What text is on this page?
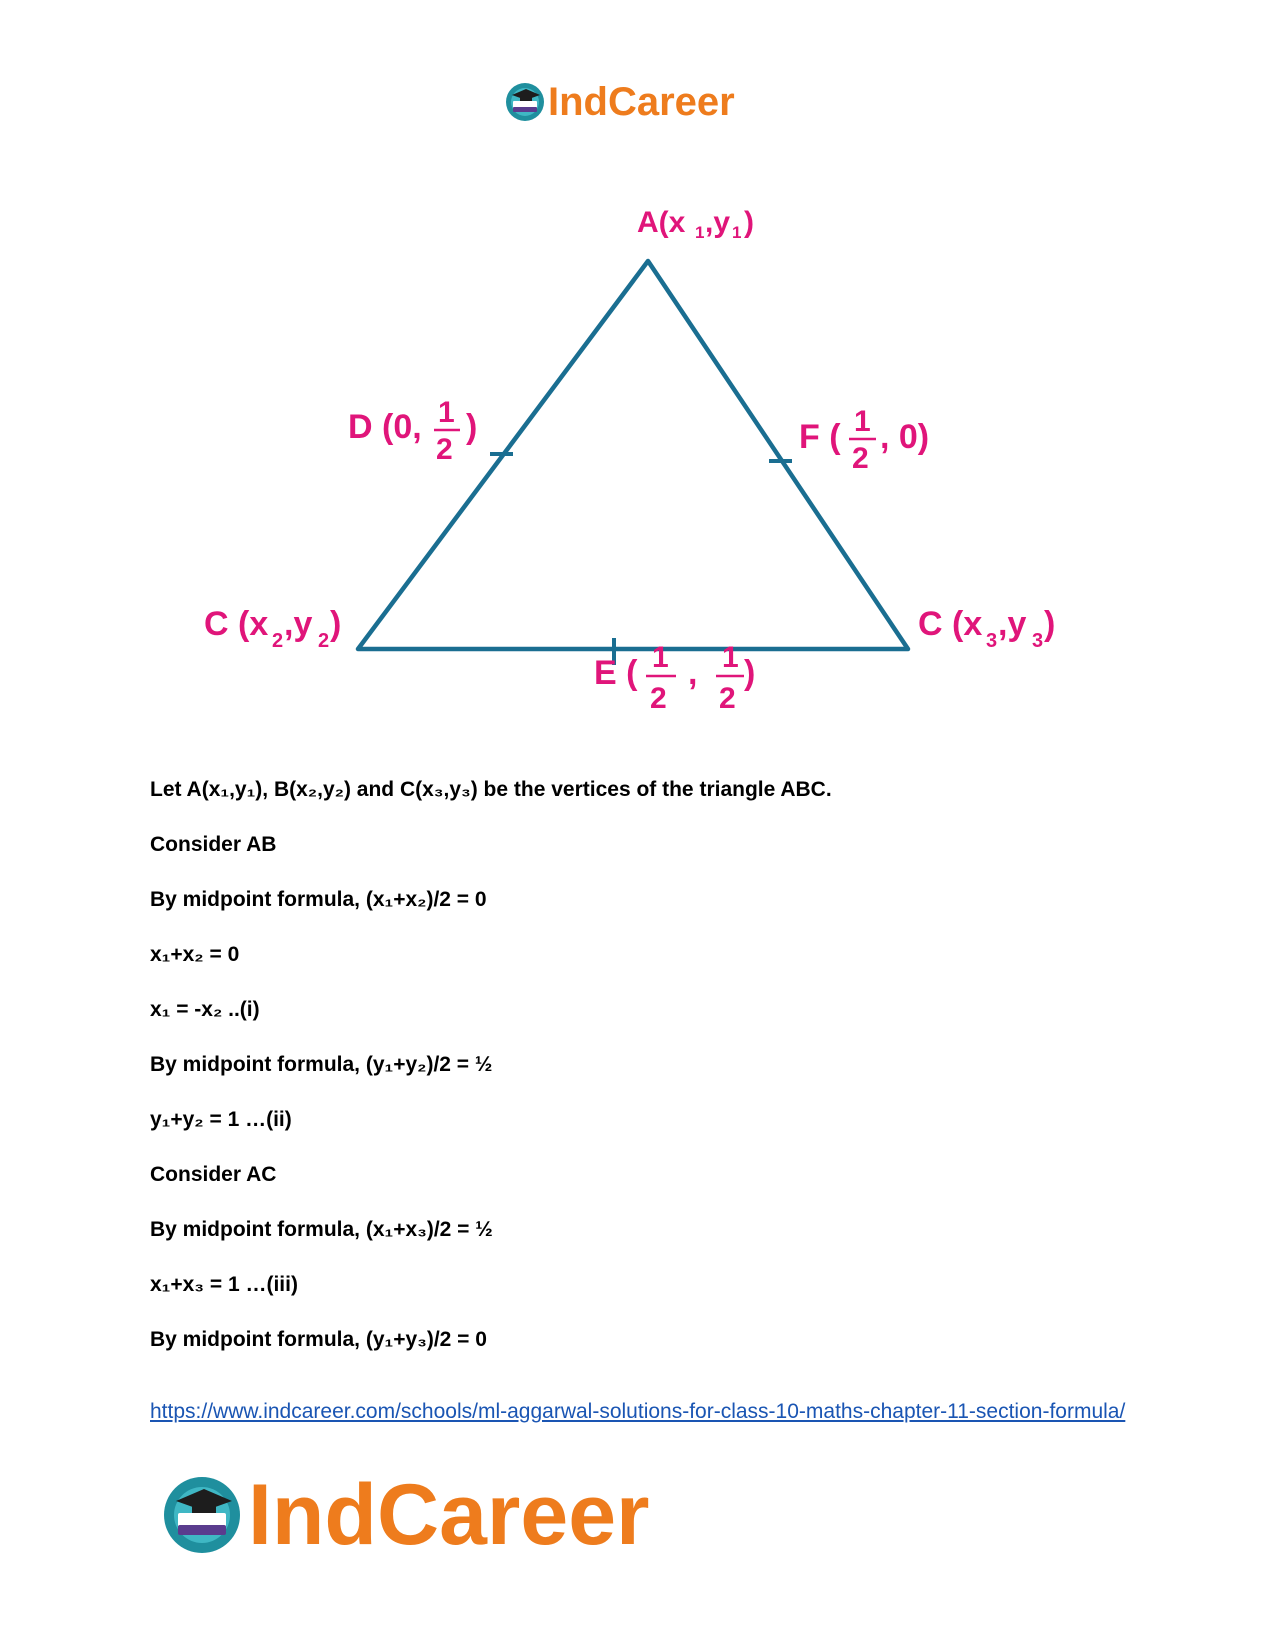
IndCareer
A(x 1 ,y 1 )
D (0, 1
2
)	F ( 1
2
, 0)
C (x 2 ,y 2 )	C (x 3 ,y 3 )
E ( 1
2
, 1
2
)

Let A(x₁,y₁), B(x₂,y₂) and C(x₃,y₃) be the vertices of the triangle ABC.

Consider AB

By midpoint formula, (x₁+x₂)/2 = 0

x₁+x₂ = 0

x₁ = -x₂ ..(i)

By midpoint formula, (y₁+y₂)/2 = ½

y₁+y₂ = 1 …(ii)

Consider AC

By midpoint formula, (x₁+x₃)/2 = ½

x₁+x₃ = 1 …(iii)

By midpoint formula, (y₁+y₃)/2 = 0

https://www.indcareer.com/schools/ml-aggarwal-solutions-for-class-10-maths-chapter-11-section-formula/
IndCareer
